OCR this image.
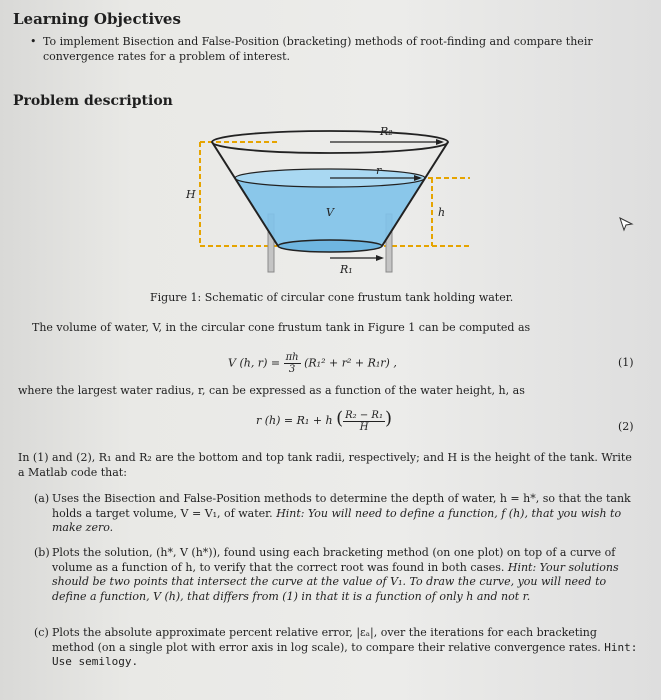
Learning Objectives
• To implement Bisection and False-Position (bracketing) methods of root-finding and compare their convergence rates for a problem of interest.
Problem description
R₂
r
H
V	h
R₁
Figure 1: Schematic of circular cone frustum tank holding water.
The volume of water, V, in the circular cone frustum tank in Figure 1 can be computed as
V (h, $r) = \frac{\pi h}{3} (R_1^2 + r^2 + R_1r)$ ,	(1)
where the largest water radius, r, can be expressed as a function of the water height, h, as
r (h) = R₁ + h ( $\frac{\text{R₂ − R₁}}{H}$ )	(2)
In (1) and (2), R₁ and R₂ are the bottom and top tank radii, respectively; and H is the height of the tank. Write a Matlab code that:
(a) Uses the Bisection and False-Position methods to determine the depth of water, h = h*, so that the tank holds a target volume, V = V₁, of water. Hint: You will need to define a function, f (h), that you wish to make zero.
(b) Plots the solution, (h*, V (h*)), found using each bracketing method (on one plot) on top of a curve of volume as a function of h, to verify that the correct root was found in both cases. Hint: Your solutions should be two points that intersect the curve at the value of V₁. To draw the curve, you will need to define a function, V (h), that differs from (1) in that it is a function of only h and not r.
(c) Plots the absolute approximate percent relative error, |εₐ|, over the iterations for each bracketing method (on a single plot with error axis in log scale), to compare their relative convergence rates. Hint: Use semilogy.
